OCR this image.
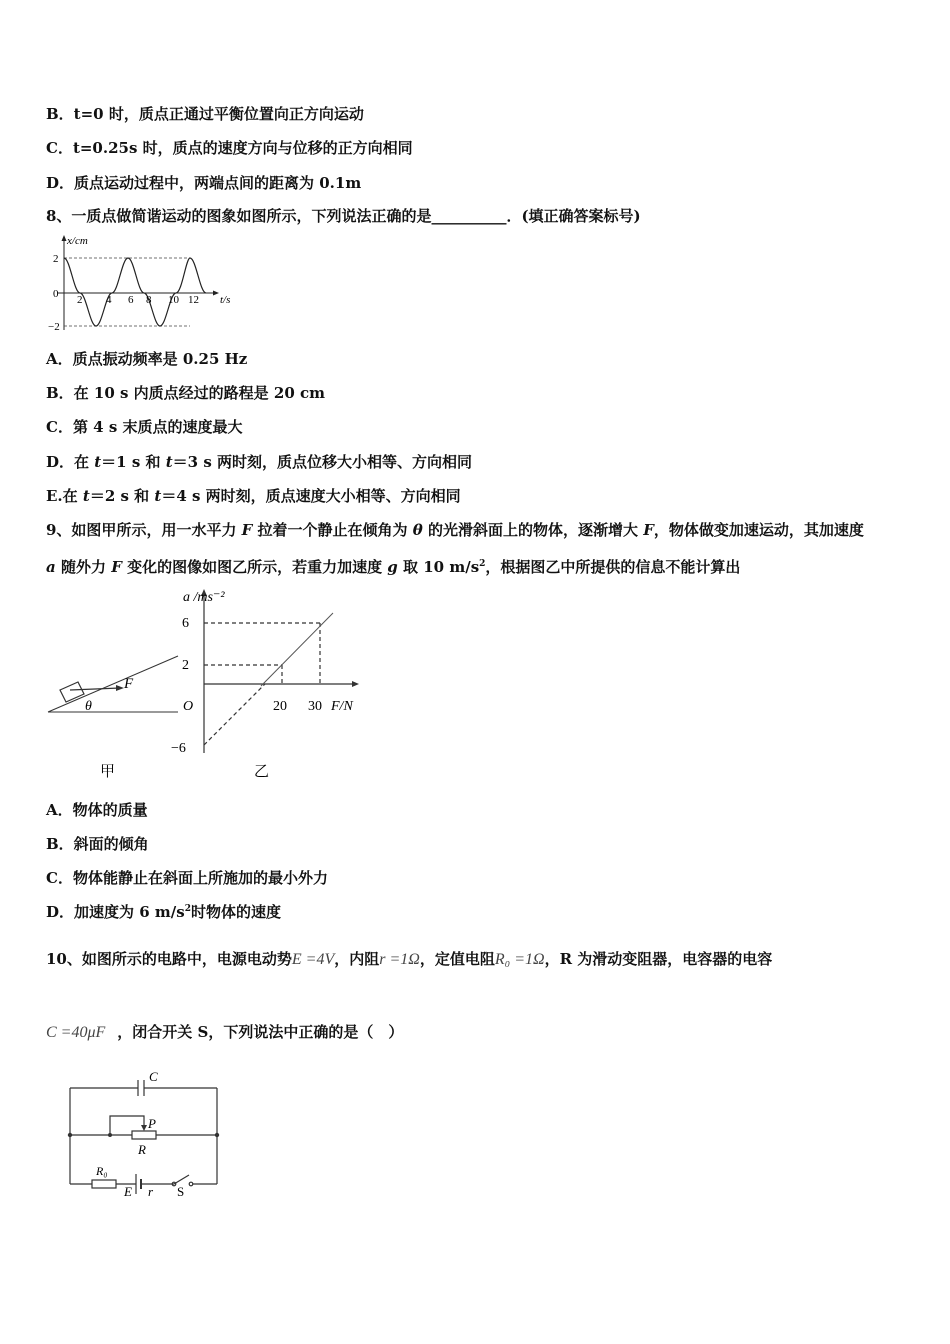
B．t=0 时，质点正通过平衡位置向正方向运动
C．t=0.25s 时，质点的速度方向与位移的正方向相同
D．质点运动过程中，两端点间的距离为 0.1m
8、一质点做简谐运动的图象如图所示，下列说法正确的是__________．(填正确答案标号)
x/cm
t/s
2
0
−2
2 4 6 8 10 12
A．质点振动频率是 0.25 Hz
B．在 10 s 内质点经过的路程是 20 cm
C．第 4 s 末质点的速度最大
D．在 t＝1 s 和 t＝3 s 两时刻，质点位移大小相等、方向相同
E.在 t＝2 s 和 t＝4 s 两时刻，质点速度大小相等、方向相同
9、如图甲所示，用一水平力 F 拉着一个静止在倾角为 θ 的光滑斜面上的物体，逐渐增大 F，物体做变加速运动，其加速度
a 随外力 F 变化的图像如图乙所示，若重力加速度 g 取 10 $m/s^2$，根据图乙中所提供的信息不能计算出
F
θ
甲
a /ms⁻²
6
2
−6
O	20 30 F/N
乙
A．物体的质量
B．斜面的倾角
C．物体能静止在斜面上所施加的最小外力
D．加速度为 6 $m/s^2$时物体的速度
10、如图所示的电路中，电源电动势E =4V，内阻r =1Ω，定值电阻R₀ =1Ω，R 为滑动变阻器，电容器的电容
C =40μF ，闭合开关 S，下列说法中正确的是（　）
C
P
R
R₀
E r S
